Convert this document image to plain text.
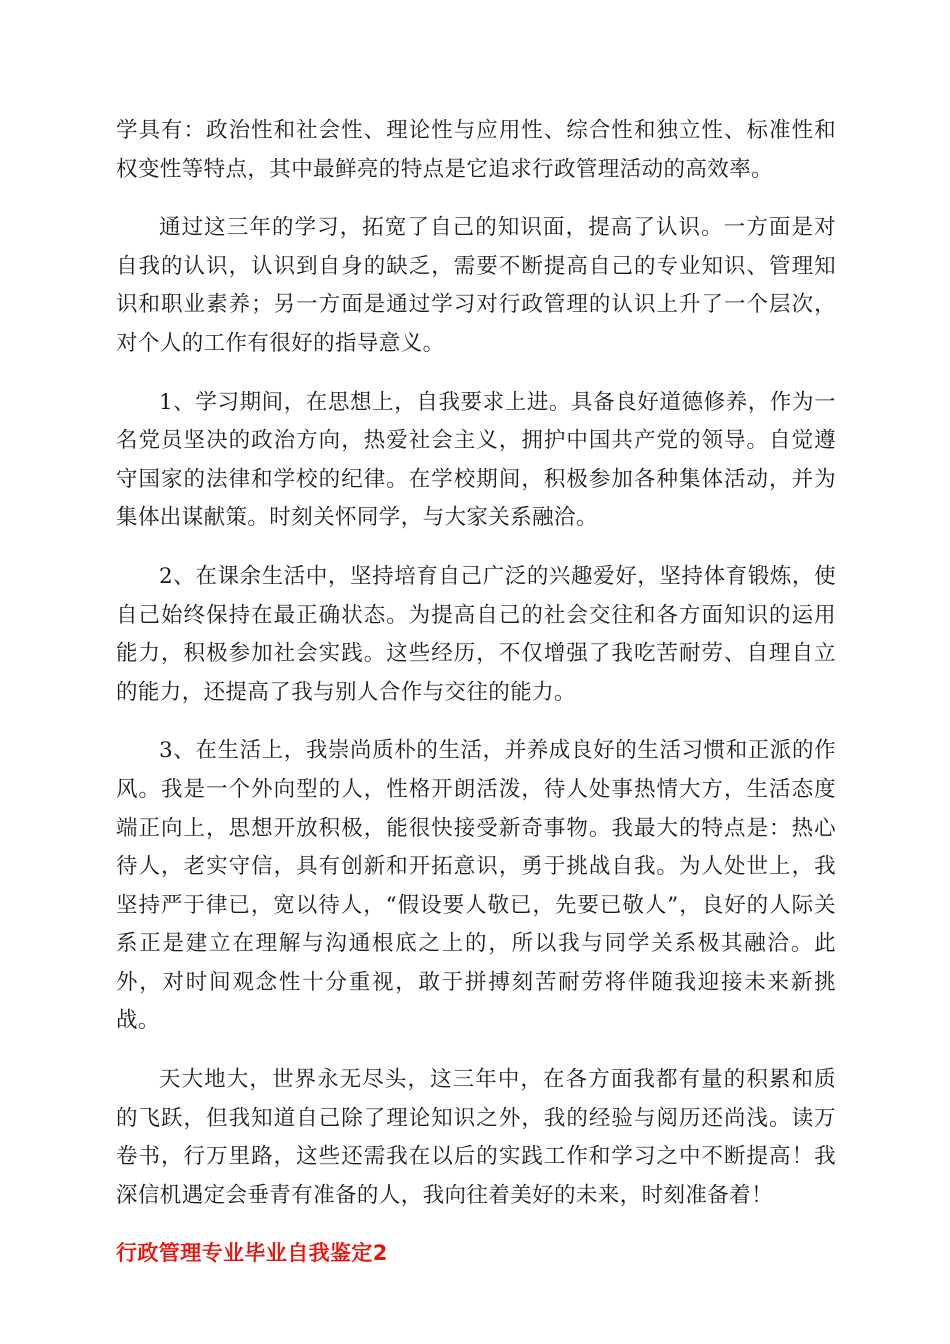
学具有：政治性和社会性、理论性与应用性、综合性和独立性、标准性和权变性等特点，其中最鲜亮的特点是它追求行政管理活动的高效率。

通过这三年的学习，拓宽了自己的知识面，提高了认识。一方面是对自我的认识，认识到自身的缺乏，需要不断提高自己的专业知识、管理知识和职业素养；另一方面是通过学习对行政管理的认识上升了一个层次，对个人的工作有很好的指导意义。

1、学习期间，在思想上，自我要求上进。具备良好道德修养，作为一名党员坚决的政治方向，热爱社会主义，拥护中国共产党的领导。自觉遵守国家的法律和学校的纪律。在学校期间，积极参加各种集体活动，并为集体出谋献策。时刻关怀同学，与大家关系融洽。

2、在课余生活中，坚持培育自己广泛的兴趣爱好，坚持体育锻炼，使自己始终保持在最正确状态。为提高自己的社会交往和各方面知识的运用能力，积极参加社会实践。这些经历，不仅增强了我吃苦耐劳、自理自立的能力，还提高了我与别人合作与交往的能力。

3、在生活上，我崇尚质朴的生活，并养成良好的生活习惯和正派的作风。我是一个外向型的人，性格开朗活泼，待人处事热情大方，生活态度端正向上，思想开放积极，能很快接受新奇事物。我最大的特点是：热心待人，老实守信，具有创新和开拓意识，勇于挑战自我。为人处世上，我坚持严于律已，宽以待人，“假设要人敬已，先要已敬人”，良好的人际关系正是建立在理解与沟通根底之上的，所以我与同学关系极其融洽。此外，对时间观念性十分重视，敢于拼搏刻苦耐劳将伴随我迎接未来新挑战。

天大地大，世界永无尽头，这三年中，在各方面我都有量的积累和质的飞跃，但我知道自己除了理论知识之外，我的经验与阅历还尚浅。读万卷书，行万里路，这些还需我在以后的实践工作和学习之中不断提高！我深信机遇定会垂青有准备的人，我向往着美好的未来，时刻准备着！

行政管理专业毕业自我鉴定2
